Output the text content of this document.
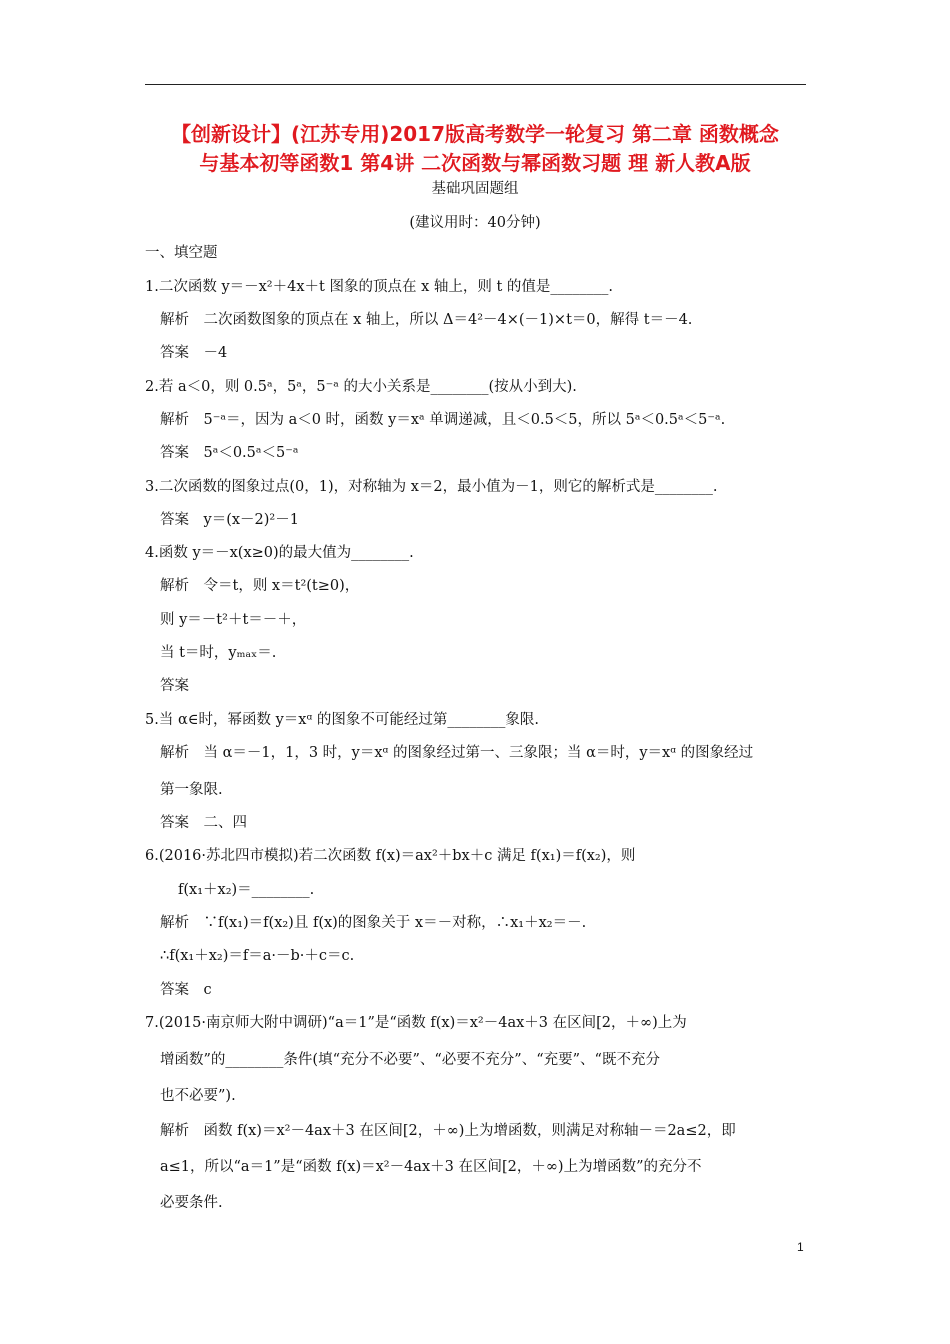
【创新设计】(江苏专用)2017版高考数学一轮复习 第二章 函数概念
与基本初等函数1 第4讲 二次函数与幂函数习题 理 新人教A版
基础巩固题组
(建议用时：40分钟)
一、填空题
1.二次函数 y＝－x²＋4x＋t 图象的顶点在 x 轴上，则 t 的值是________.
解析　二次函数图象的顶点在 x 轴上，所以 Δ＝4²－4×(－1)×t＝0，解得 t＝－4.
答案　－4
2.若 a＜0，则 0.5ᵃ，5ᵃ，5⁻ᵃ 的大小关系是________(按从小到大).
解析　5⁻ᵃ＝，因为 a＜0 时，函数 y＝xᵃ 单调递减，且＜0.5＜5，所以 5ᵃ＜0.5ᵃ＜5⁻ᵃ.
答案　5ᵃ＜0.5ᵃ＜5⁻ᵃ
3.二次函数的图象过点(0，1)，对称轴为 x＝2，最小值为－1，则它的解析式是________.
答案　y＝(x－2)²－1
4.函数 y＝－x(x≥0)的最大值为________.
解析　令＝t，则 x＝t²(t≥0)，
则 y＝－t²＋t＝－＋，
当 t＝时，yₘₐₓ＝.
答案
5.当 α∈时，幂函数 y＝xᵅ 的图象不可能经过第________象限.
解析　当 α＝－1，1，3 时，y＝xᵅ 的图象经过第一、三象限；当 α＝时，y＝xᵅ 的图象经过
第一象限.
答案　二、四
6.(2016·苏北四市模拟)若二次函数 f(x)＝ax²＋bx＋c 满足 f(x₁)＝f(x₂)，则
f(x₁＋x₂)＝________.
解析　∵f(x₁)＝f(x₂)且 f(x)的图象关于 x＝－对称，∴x₁＋x₂＝－.
∴f(x₁＋x₂)＝f＝a·－b·＋c＝c.
答案　c
7.(2015·南京师大附中调研)“a＝1”是“函数 f(x)＝x²－4ax＋3 在区间[2，＋∞)上为
增函数”的________条件(填“充分不必要”、“必要不充分”、“充要”、“既不充分
也不必要”).
解析　函数 f(x)＝x²－4ax＋3 在区间[2，＋∞)上为增函数，则满足对称轴－＝2a≤2，即
a≤1，所以“a＝1”是“函数 f(x)＝x²－4ax＋3 在区间[2，＋∞)上为增函数”的充分不
必要条件.
1
